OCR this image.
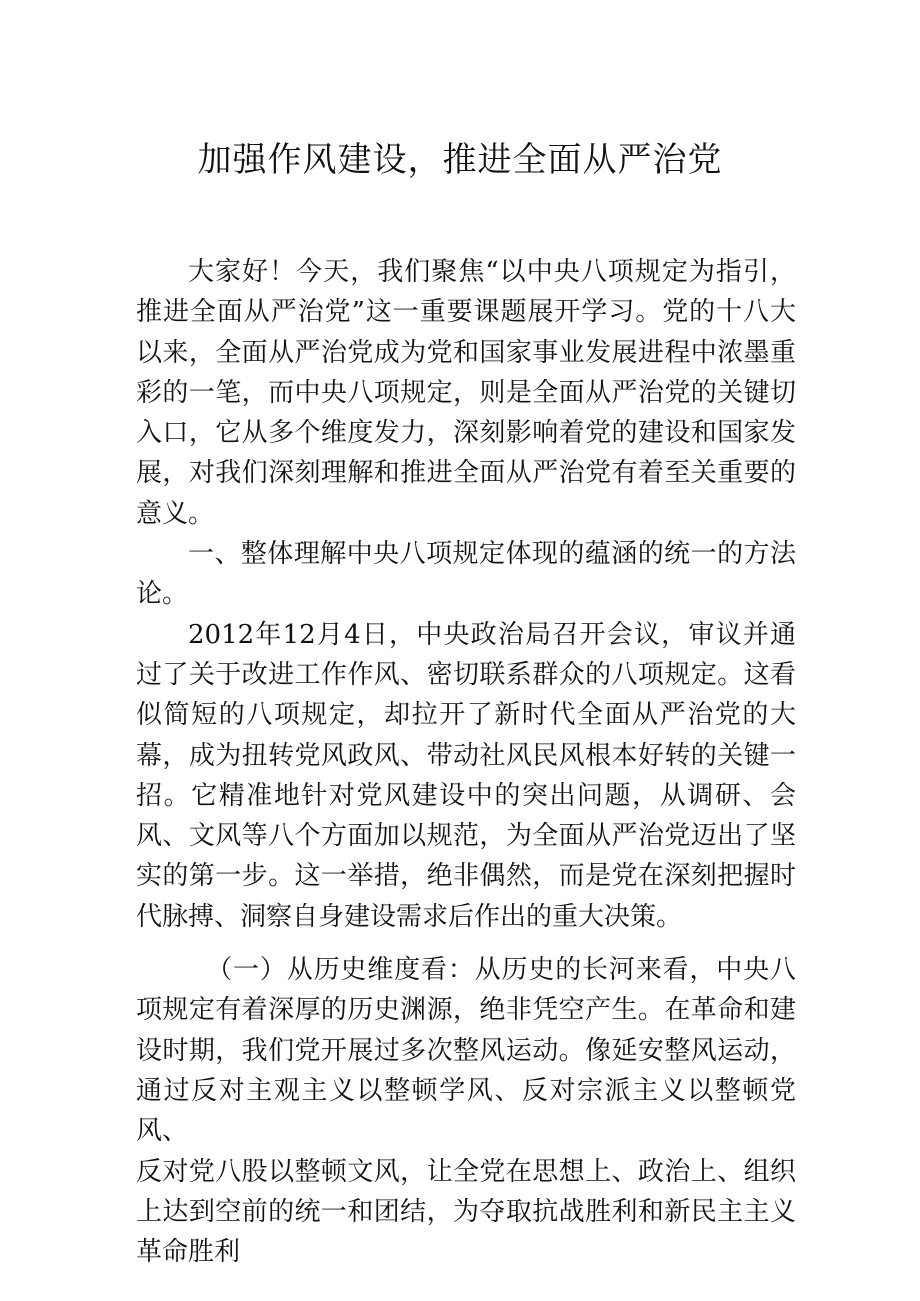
加强作风建设，推进全面从严治党

大家好！今天，我们聚焦“以中央八项规定为指引，推进全面从严治党”这一重要课题展开学习。党的十八大以来，全面从严治党成为党和国家事业发展进程中浓墨重彩的一笔，而中央八项规定，则是全面从严治党的关键切入口，它从多个维度发力，深刻影响着党的建设和国家发展，对我们深刻理解和推进全面从严治党有着至关重要的意义。

一、整体理解中央八项规定体现的蕴涵的统一的方法论。

2012年12月4日，中央政治局召开会议，审议并通过了关于改进工作作风、密切联系群众的八项规定。这看似简短的八项规定，却拉开了新时代全面从严治党的大幕，成为扭转党风政风、带动社风民风根本好转的关键一招。它精准地针对党风建设中的突出问题，从调研、会风、文风等八个方面加以规范，为全面从严治党迈出了坚实的第一步。这一举措，绝非偶然，而是党在深刻把握时代脉搏、洞察自身建设需求后作出的重大决策。

（一）从历史维度看：从历史的长河来看，中央八项规定有着深厚的历史渊源，绝非凭空产生。在革命和建设时期，我们党开展过多次整风运动。像延安整风运动，通过反对主观主义以整顿学风、反对宗派主义以整顿党风、

反对党八股以整顿文风，让全党在思想上、政治上、组织上达到空前的统一和团结，为夺取抗战胜利和新民主主义革命胜利
